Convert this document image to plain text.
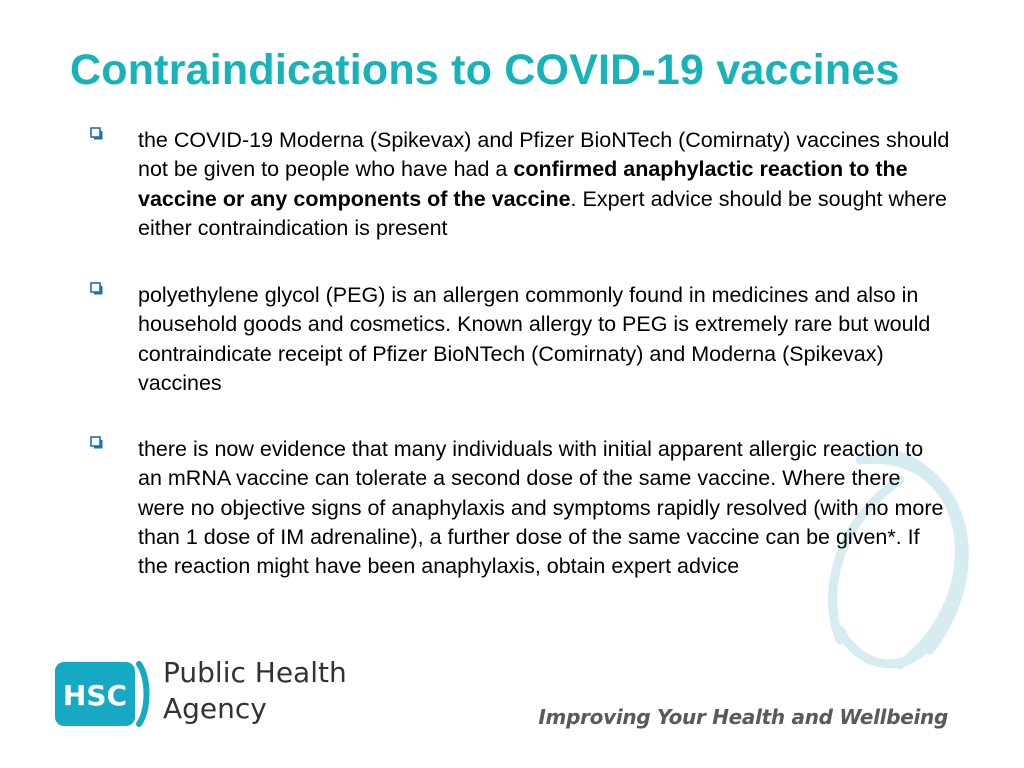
Contraindications to COVID-19 vaccines
the COVID-19 Moderna (Spikevax) and Pfizer BioNTech (Comirnaty) vaccines should not be given to people who have had a confirmed anaphylactic reaction to the vaccine or any components of the vaccine. Expert advice should be sought where either contraindication is present
polyethylene glycol (PEG) is an allergen commonly found in medicines and also in household goods and cosmetics. Known allergy to PEG is extremely rare but would contraindicate receipt of Pfizer BioNTech (Comirnaty) and Moderna (Spikevax) vaccines
there is now evidence that many individuals with initial apparent allergic reaction to an mRNA vaccine can tolerate a second dose of the same vaccine. Where there were no objective signs of anaphylaxis and symptoms rapidly resolved (with no more than 1 dose of IM adrenaline), a further dose of the same vaccine can be given*. If the reaction might have been anaphylaxis, obtain expert advice
HSC
Public Health
Agency	Improving Your Health and Wellbeing
